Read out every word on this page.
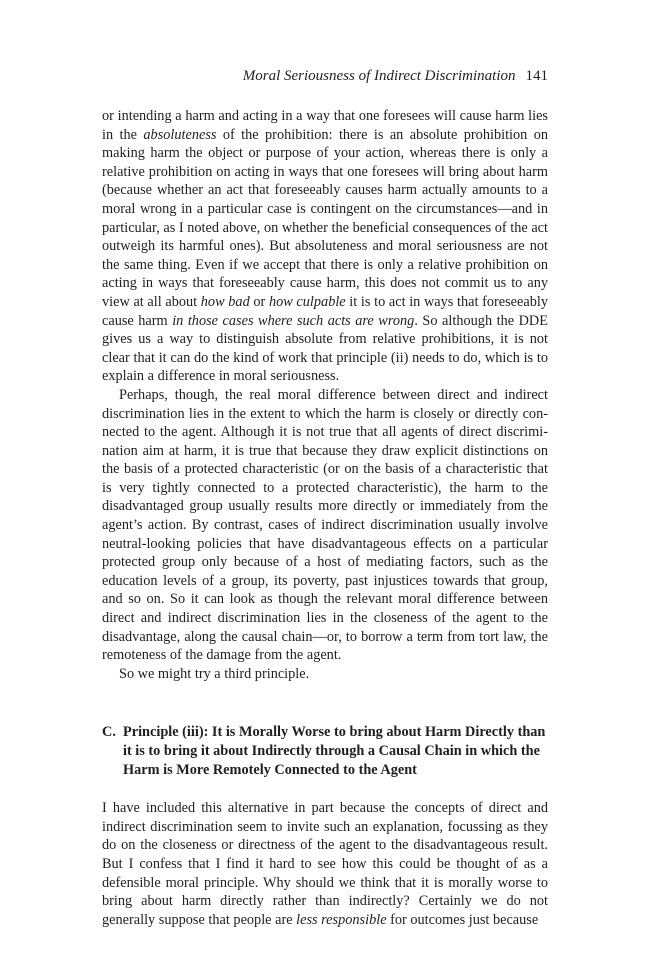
Moral Seriousness of Indirect Discrimination 141

or intending a harm and acting in a way that one foresees will cause harm lies in the absoluteness of the prohibition: there is an absolute prohibition on making harm the object or purpose of your action, whereas there is only a relative prohibition on acting in ways that one foresees will bring about harm (because whether an act that foreseeably causes harm actually amounts to a moral wrong in a particular case is contingent on the circumstances—and in particular, as I noted above, on whether the beneficial consequences of the act outweigh its harmful ones). But absoluteness and moral seriousness are not the same thing. Even if we accept that there is only a relative prohibition on acting in ways that foreseeably cause harm, this does not commit us to any view at all about how bad or how culpable it is to act in ways that foreseeably cause harm in those cases where such acts are wrong. So although the DDE gives us a way to distinguish absolute from relative prohibitions, it is not clear that it can do the kind of work that principle (ii) needs to do, which is to explain a difference in moral seriousness.

Perhaps, though, the real moral difference between direct and indirect discrimination lies in the extent to which the harm is closely or directly connected to the agent. Although it is not true that all agents of direct discrimination aim at harm, it is true that because they draw explicit distinctions on the basis of a protected characteristic (or on the basis of a characteristic that is very tightly connected to a protected characteristic), the harm to the disadvantaged group usually results more directly or immediately from the agent’s action. By contrast, cases of indirect discrimination usually involve neutral-looking policies that have disadvantageous effects on a particular protected group only because of a host of mediating factors, such as the education levels of a group, its poverty, past injustices towards that group, and so on. So it can look as though the relevant moral difference between direct and indirect discrimination lies in the closeness of the agent to the disadvantage, along the causal chain—or, to borrow a term from tort law, the remoteness of the damage from the agent.

So we might try a third principle.

C. Principle (iii): It is Morally Worse to bring about Harm Directly than it is to bring it about Indirectly through a Causal Chain in which the Harm is More Remotely Connected to the Agent

I have included this alternative in part because the concepts of direct and indirect discrimination seem to invite such an explanation, focussing as they do on the closeness or directness of the agent to the disadvantageous result. But I confess that I find it hard to see how this could be thought of as a defensible moral principle. Why should we think that it is morally worse to bring about harm directly rather than indirectly? Certainly we do not generally suppose that people are less responsible for outcomes just because
